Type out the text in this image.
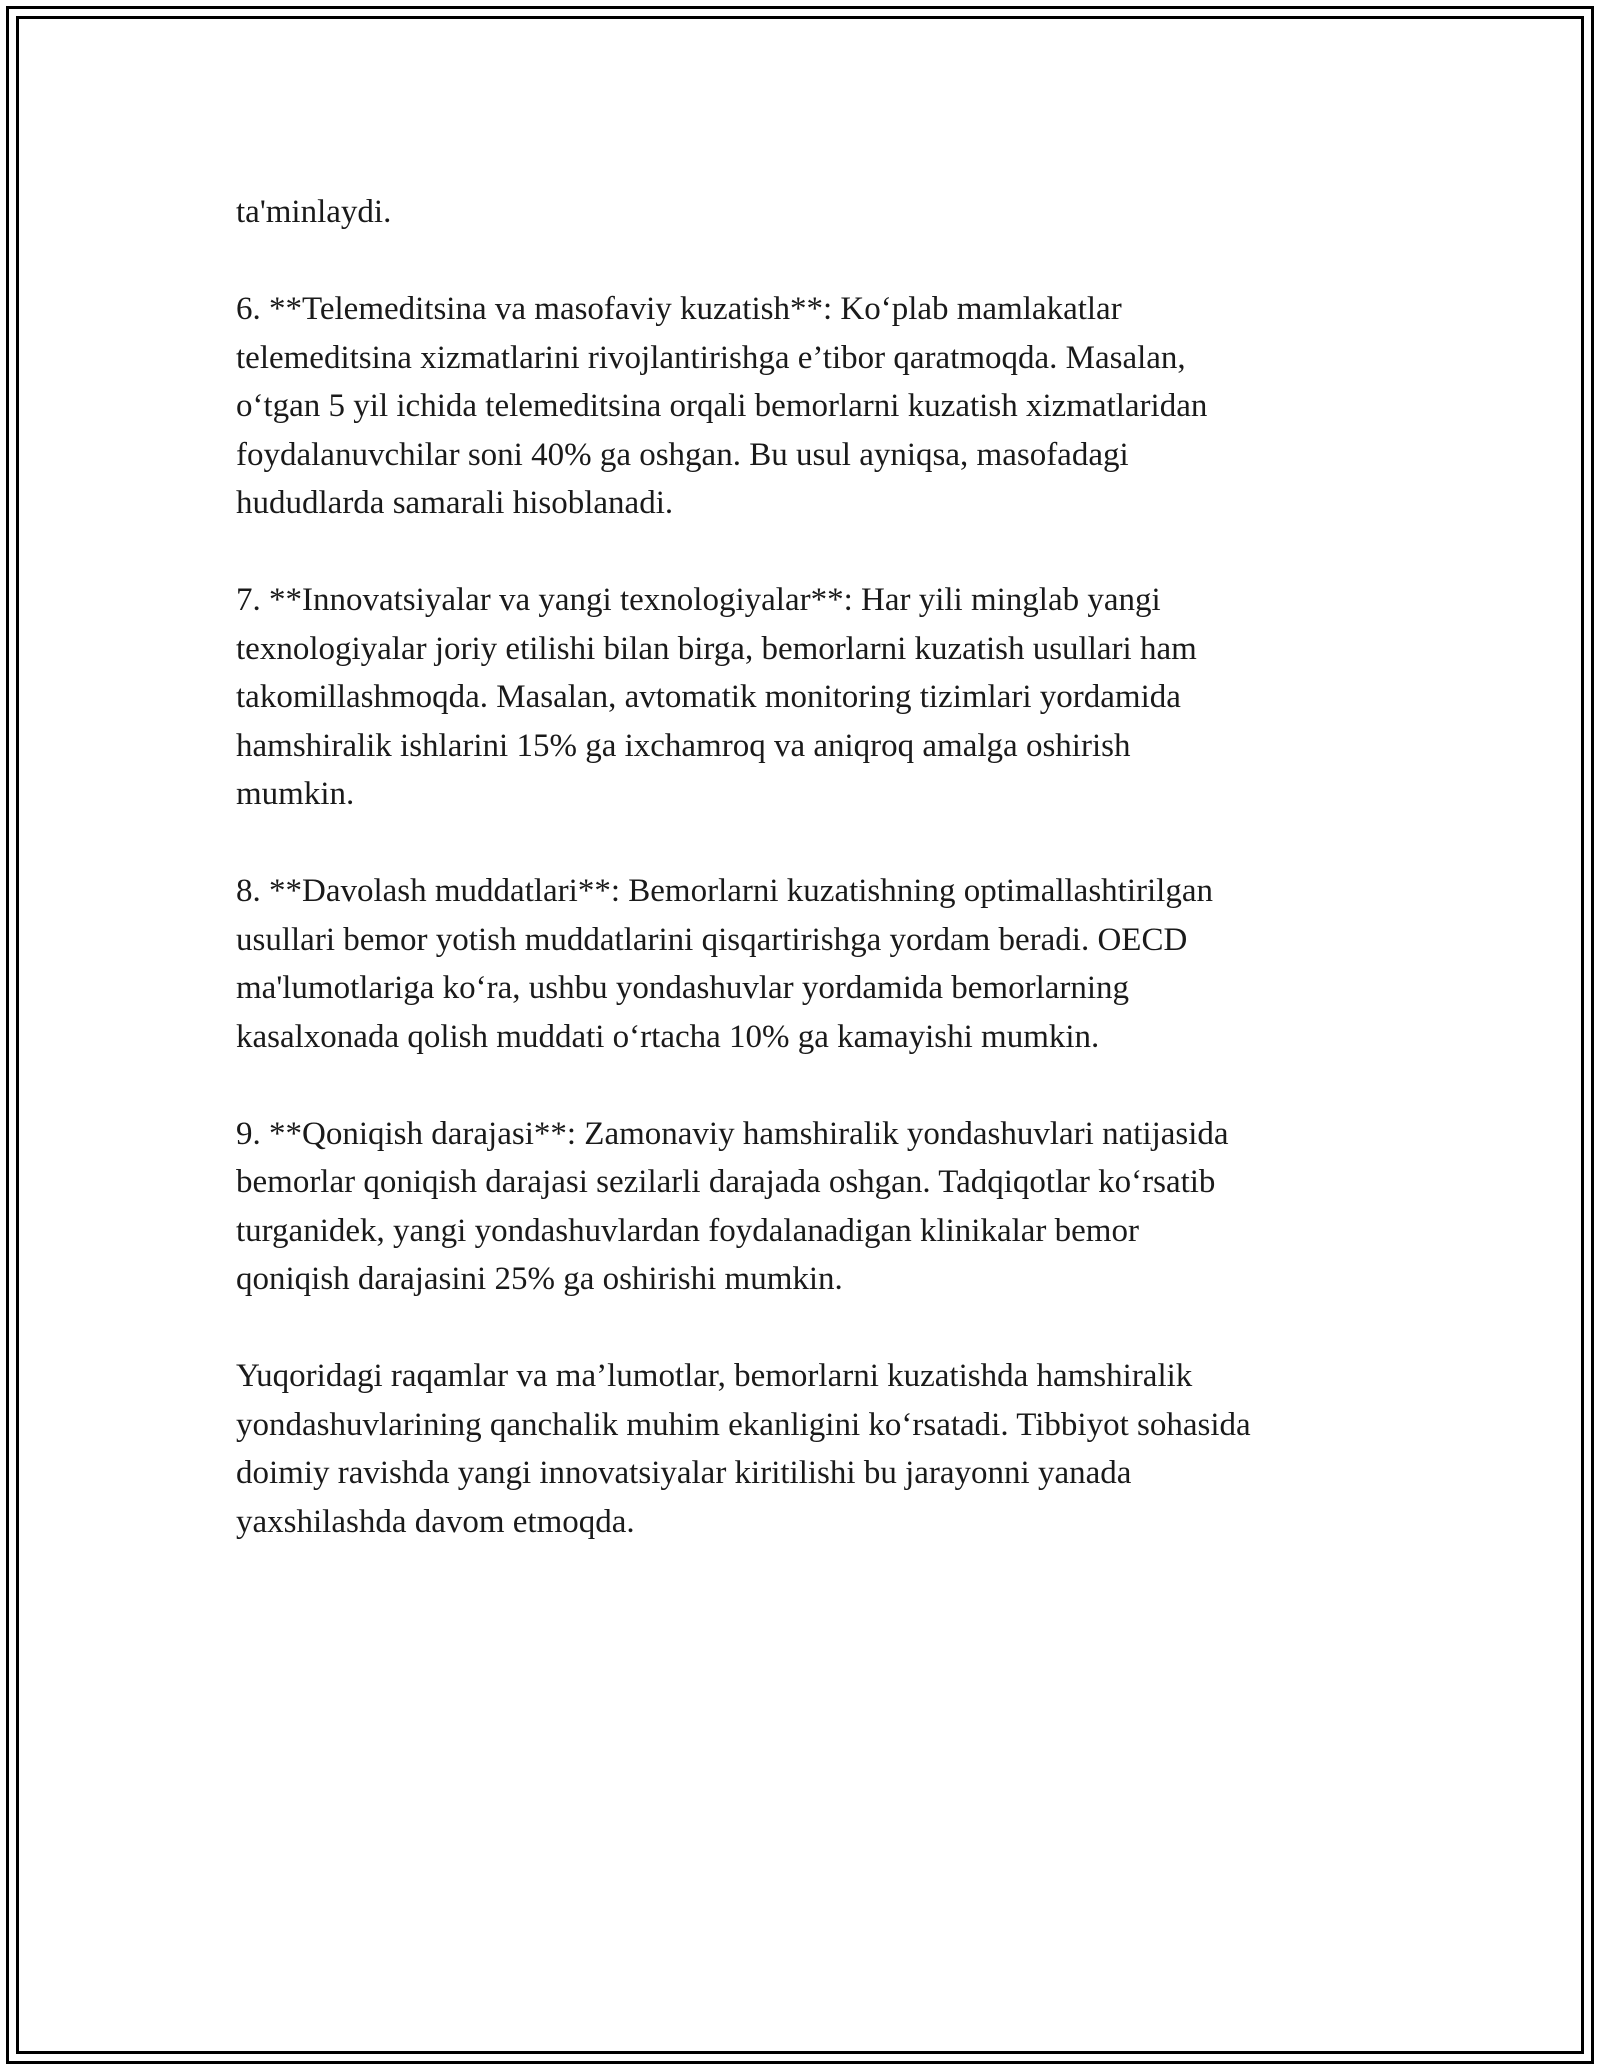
ta'minlaydi.

6. **Telemeditsina va masofaviy kuzatish**: Ko‘plab mamlakatlar
telemeditsina xizmatlarini rivojlantirishga e’tibor qaratmoqda. Masalan,
o‘tgan 5 yil ichida telemeditsina orqali bemorlarni kuzatish xizmatlaridan
foydalanuvchilar soni 40% ga oshgan. Bu usul ayniqsa, masofadagi
hududlarda samarali hisoblanadi.

7. **Innovatsiyalar va yangi texnologiyalar**: Har yili minglab yangi
texnologiyalar joriy etilishi bilan birga, bemorlarni kuzatish usullari ham
takomillashmoqda. Masalan, avtomatik monitoring tizimlari yordamida
hamshiralik ishlarini 15% ga ixchamroq va aniqroq amalga oshirish
mumkin.

8. **Davolash muddatlari**: Bemorlarni kuzatishning optimallashtirilgan
usullari bemor yotish muddatlarini qisqartirishga yordam beradi. OECD
ma'lumotlariga ko‘ra, ushbu yondashuvlar yordamida bemorlarning
kasalxonada qolish muddati o‘rtacha 10% ga kamayishi mumkin.

9. **Qoniqish darajasi**: Zamonaviy hamshiralik yondashuvlari natijasida
bemorlar qoniqish darajasi sezilarli darajada oshgan. Tadqiqotlar ko‘rsatib
turganidek, yangi yondashuvlardan foydalanadigan klinikalar bemor
qoniqish darajasini 25% ga oshirishi mumkin.

Yuqoridagi raqamlar va ma’lumotlar, bemorlarni kuzatishda hamshiralik
yondashuvlarining qanchalik muhim ekanligini ko‘rsatadi. Tibbiyot sohasida
doimiy ravishda yangi innovatsiyalar kiritilishi bu jarayonni yanada
yaxshilashda davom etmoqda.
